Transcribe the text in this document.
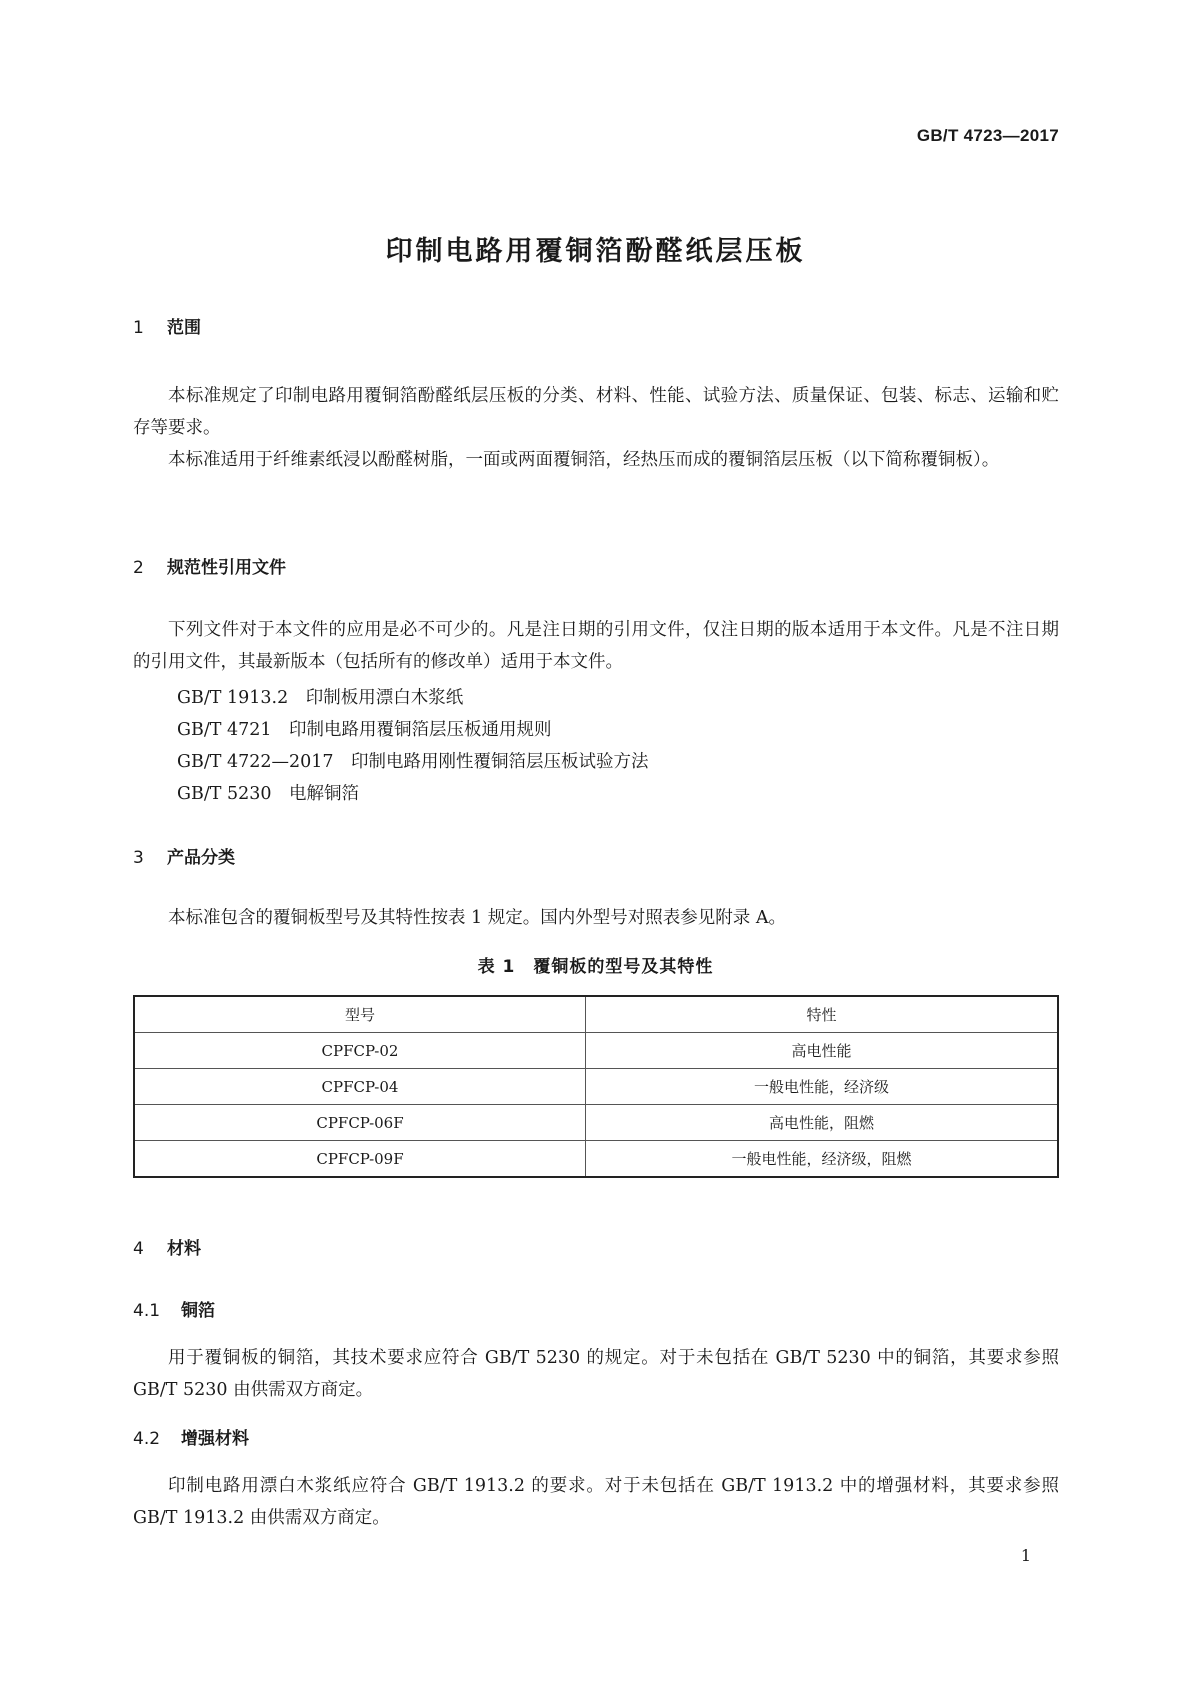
GB/T 4723—2017
印制电路用覆铜箔酚醛纸层压板
1 范围

本标准规定了印制电路用覆铜箔酚醛纸层压板的分类、材料、性能、试验方法、质量保证、包装、标志、运输和贮存等要求。

本标准适用于纤维素纸浸以酚醛树脂，一面或两面覆铜箔，经热压而成的覆铜箔层压板（以下简称覆铜板）。

2 规范性引用文件

下列文件对于本文件的应用是必不可少的。凡是注日期的引用文件，仅注日期的版本适用于本文件。凡是不注日期的引用文件，其最新版本（包括所有的修改单）适用于本文件。

GB/T 1913.2　 印制板用漂白木浆纸
GB/T 4721　 印制电路用覆铜箔层压板通用规则
GB/T 4722—2017　 印制电路用刚性覆铜箔层压板试验方法
GB/T 5230　 电解铜箔
3 产品分类

本标准包含的覆铜板型号及其特性按表 1 规定。国内外型号对照表参见附录 A。

表 1　覆铜板的型号及其特性
型号	特性
CPFCP-02	高电性能
CPFCP-04	一般电性能，经济级
CPFCP-06F	高电性能，阻燃
CPFCP-09F	一般电性能，经济级，阻燃
4 材料
4.1 铜箔

用于覆铜板的铜箔，其技术要求应符合 GB/T 5230 的规定。对于未包括在 GB/T 5230 中的铜箔，其要求参照 GB/T 5230 由供需双方商定。

4.2 增强材料

印制电路用漂白木浆纸应符合 GB/T 1913.2 的要求。对于未包括在 GB/T 1913.2 中的增强材料，其要求参照 GB/T 1913.2 由供需双方商定。

1
